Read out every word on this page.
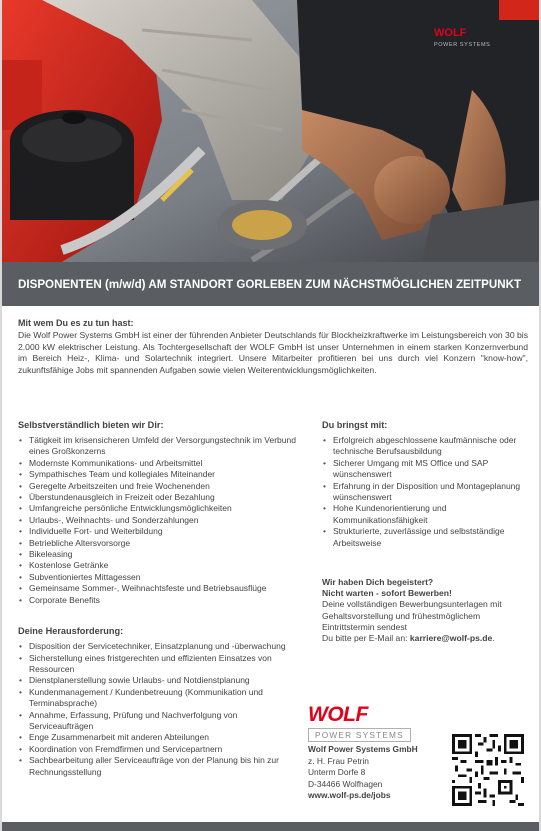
WOLF
POWER SYSTEMS
DISPONENTEN (m/w/d) AM STANDORT GORLEBEN ZUM NÄCHSTMÖGLICHEN ZEITPUNKT
Mit wem Du es zu tun hast:

Die Wolf Power Systems GmbH ist einer der führenden Anbieter Deutschlands für Blockheizkraftwerke im Leistungsbereich von 30 bis 2.000 kW elektrischer Leistung. Als Tochtergesellschaft der WOLF GmbH ist unser Unternehmen in einem starken Konzernverbund im Bereich Heiz-, Klima- und Solartechnik integriert. Unsere Mitarbeiter profitieren bei uns durch viel Konzern "know-how", zukunftsfähige Jobs mit spannenden Aufgaben sowie vielen Weiterentwicklungsmöglichkeiten.

Selbstverständlich bieten wir Dir:
• Tätigkeit im krisensicheren Umfeld der Versorgungstechnik im Verbund eines Großkonzerns
• Modernste Kommunikations- und Arbeitsmittel
• Sympathisches Team und kollegiales Miteinander
• Geregelte Arbeitszeiten und freie Wochenenden
• Überstundenausgleich in Freizeit oder Bezahlung
• Umfangreiche persönliche Entwicklungsmöglichkeiten
• Urlaubs-, Weihnachts- und Sonderzahlungen
• Individuelle Fort- und Weiterbildung
• Betriebliche Altersvorsorge
• Bikeleasing
• Kostenlose Getränke
• Subventioniertes Mittagessen
• Gemeinsame Sommer-, Weihnachtsfeste und Betriebsausflüge
• Corporate Benefits
Deine Herausforderung:
• Disposition der Servicetechniker, Einsatzplanung und -überwachung
• Sicherstellung eines fristgerechten und effizienten Einsatzes von Ressourcen
• Dienstplanerstellung sowie Urlaubs- und Notdienstplanung
• Kundenmanagement / Kundenbetreuung (Kommunikation und Terminabsprache)
• Annahme, Erfassung, Prüfung und Nachverfolgung von Serviceaufträgen
• Enge Zusammenarbeit mit anderen Abteilungen
• Koordination von Fremdfirmen und Servicepartnern
• Sachbearbeitung aller Serviceaufträge von der Planung bis hin zur Rechnungsstellung
Du bringst mit:
• Erfolgreich abgeschlossene kaufmännische oder technische Berufsausbildung
• Sicherer Umgang mit MS Office und SAP wünschenswert
• Erfahrung in der Disposition und Montageplanung wünschenswert
• Hohe Kundenorientierung und Kommunikationsfähigkeit
• Strukturierte, zuverlässige und selbstständige Arbeitsweise
Wir haben Dich begeistert?
Nicht warten - sofort Bewerben!
Deine vollständigen Bewerbungsunterlagen mit Gehaltsvorstellung und frühestmöglichem Eintrittstermin sendest
Du bitte per E-Mail an: karriere@wolf-ps.de.
WOLF
POWER SYSTEMS
Wolf Power Systems GmbH
z. H. Frau Petrin
Unterm Dorfe 8
D-34466 Wolfhagen
www.wolf-ps.de/jobs
